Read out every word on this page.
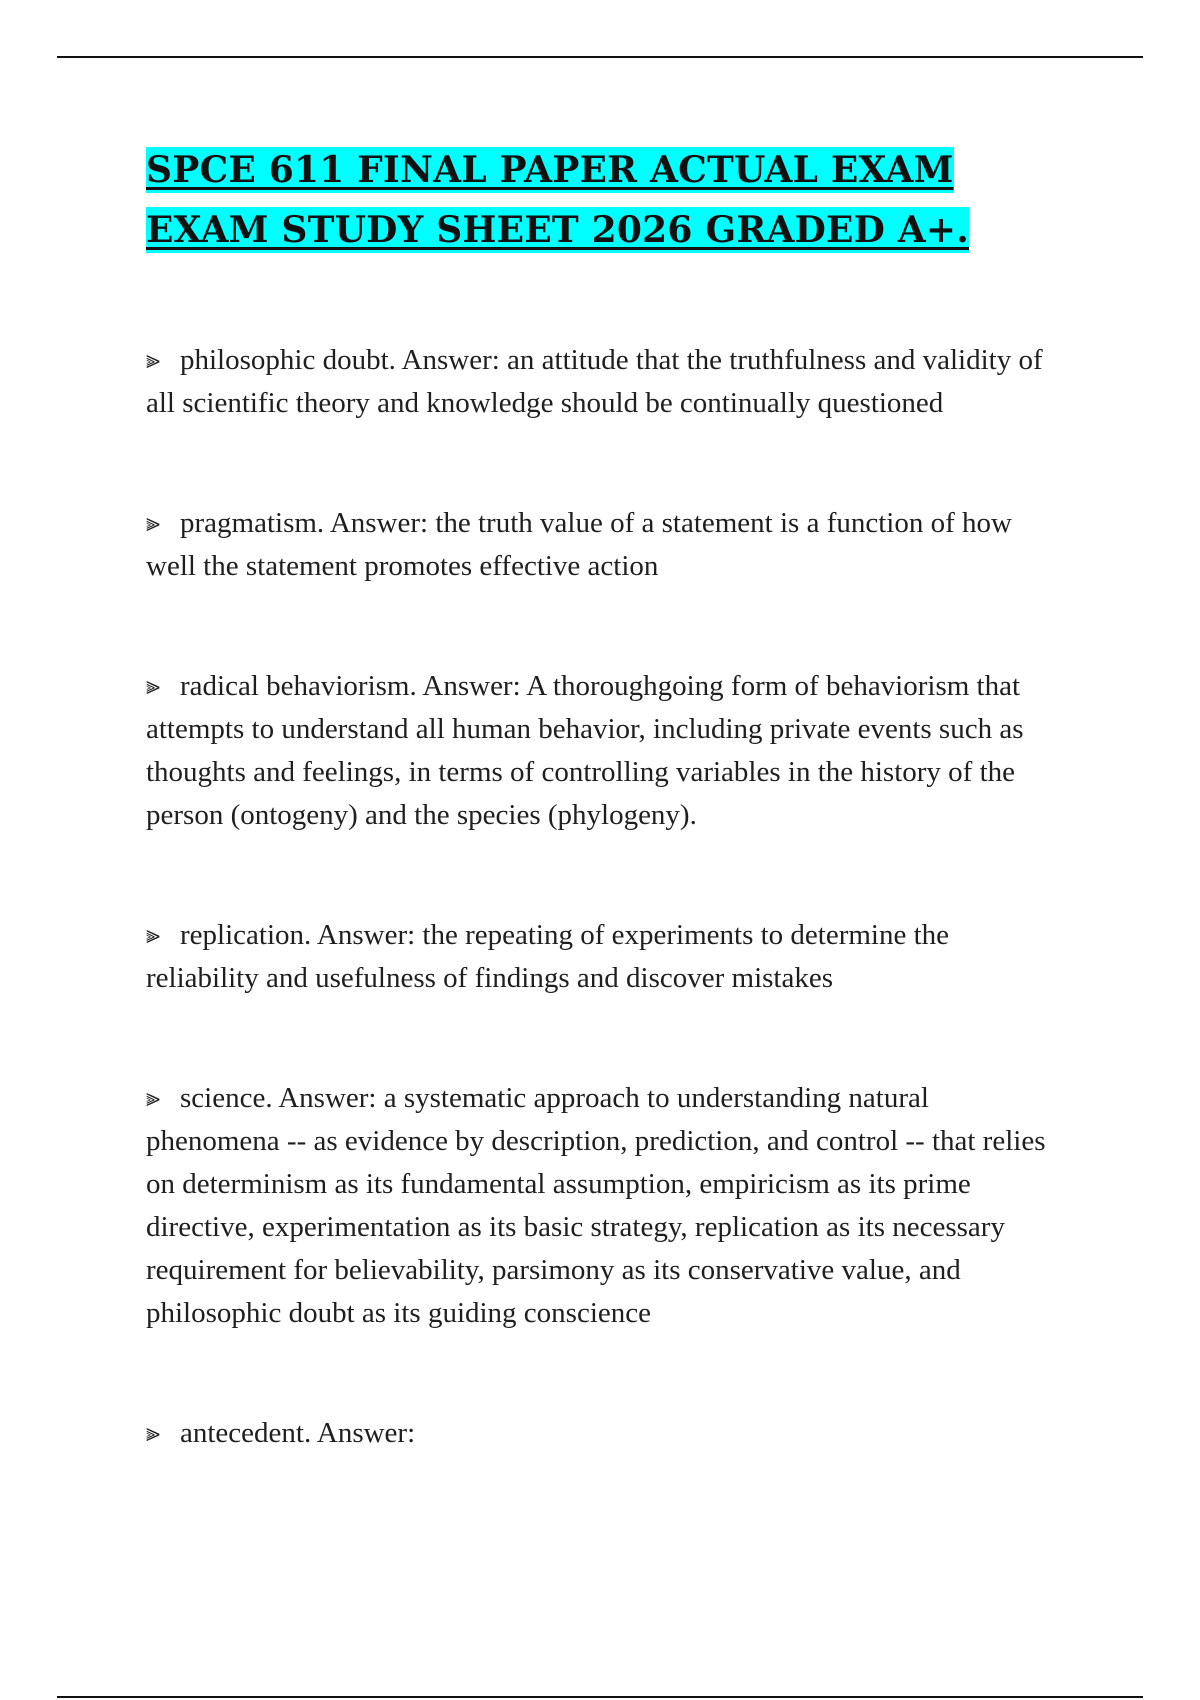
SPCE 611 FINAL PAPER ACTUAL EXAM EXAM STUDY SHEET 2026 GRADED A+.

⫸ philosophic doubt. Answer: an attitude that the truthfulness and validity of all scientific theory and knowledge should be continually questioned

⫸ pragmatism. Answer: the truth value of a statement is a function of how well the statement promotes effective action

⫸ radical behaviorism. Answer: A thoroughgoing form of behaviorism that attempts to understand all human behavior, including private events such as thoughts and feelings, in terms of controlling variables in the history of the person (ontogeny) and the species (phylogeny).

⫸ replication. Answer: the repeating of experiments to determine the reliability and usefulness of findings and discover mistakes

⫸ science. Answer: a systematic approach to understanding natural phenomena -- as evidence by description, prediction, and control -- that relies on determinism as its fundamental assumption, empiricism as its prime directive, experimentation as its basic strategy, replication as its necessary requirement for believability, parsimony as its conservative value, and philosophic doubt as its guiding conscience

⫸ antecedent. Answer:
